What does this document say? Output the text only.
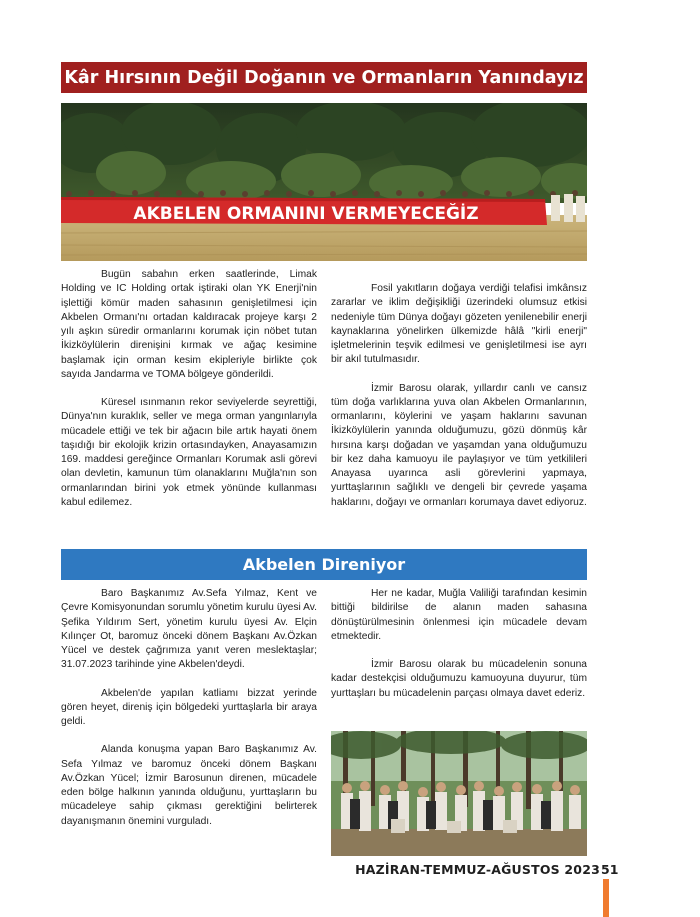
Kâr Hırsının Değil Doğanın ve Ormanların Yanındayız
AKBELEN ORMANINI VERMEYECEĞİZ

Bugün sabahın erken saatlerinde, Limak Holding ve IC Holding ortak iştiraki olan YK Enerji'nin işlettiği kömür maden sahasının genişletilmesi için Akbelen Ormanı'nı ortadan kaldıracak projeye karşı 2 yılı aşkın süredir ormanlarını korumak için nöbet tutan İkizköylülerin direnişini kırmak ve ağaç kesimine başlamak için orman kesim ekipleriyle birlikte çok sayıda Jandarma ve TOMA bölgeye gönderildi.

Küresel ısınmanın rekor seviyelerde seyrettiği, Dünya'nın kuraklık, seller ve mega orman yangınlarıyla mücadele ettiği ve tek bir ağacın bile artık hayati önem taşıdığı bir ekolojik krizin ortasındayken, Anayasamızın 169. maddesi gereğince Ormanları Korumak asli görevi olan devletin, kamunun tüm olanaklarını Muğla'nın son ormanlarından birini yok etmek yönünde kullanması kabul edilemez.

Fosil yakıtların doğaya verdiği telafisi imkânsız zararlar ve iklim değişikliği üzerindeki olumsuz etkisi nedeniyle tüm Dünya doğayı gözeten yenilenebilir enerji kaynaklarına yönelirken ülkemizde hâlâ "kirli enerji" işletmelerinin teşvik edilmesi ve genişletilmesi ise ayrı bir akıl tutulmasıdır.

İzmir Barosu olarak, yıllardır canlı ve cansız tüm doğa varlıklarına yuva olan Akbelen Ormanlarının, ormanlarını, köylerini ve yaşam haklarını savunan İkizköylülerin yanında olduğumuzu, gözü dönmüş kâr hırsına karşı doğadan ve yaşamdan yana olduğumuzu bir kez daha kamuoyu ile paylaşıyor ve tüm yetkilileri Anayasa uyarınca asli görevlerini yapmaya, yurttaşlarının sağlıklı ve dengeli bir çevrede yaşama haklarını, doğayı ve ormanları korumaya davet ediyoruz.

Akbelen Direniyor

Baro Başkanımız Av.Sefa Yılmaz, Kent ve Çevre Komisyonundan sorumlu yönetim kurulu üyesi Av. Şefika Yıldırım Sert, yönetim kurulu üyesi Av. Elçin Kılınçer Ot, baromuz önceki dönem Başkanı Av.Özkan Yücel ve destek çağrımıza yanıt veren meslektaşlar; 31.07.2023 tarihinde yine Akbelen'deydi.

Akbelen'de yapılan katliamı bizzat yerinde gören heyet, direniş için bölgedeki yurttaşlarla bir araya geldi.

Alanda konuşma yapan Baro Başkanımız Av. Sefa Yılmaz ve baromuz önceki dönem Başkanı Av.Özkan Yücel; İzmir Barosunun direnen, mücadele eden bölge halkının yanında olduğunu, yurttaşların bu mücadeleye sahip çıkması gerektiğini belirterek dayanışmanın önemini vurguladı.

Her ne kadar, Muğla Valiliği tarafından kesimin bittiği bildirilse de alanın maden sahasına dönüştürülmesinin önlenmesi için mücadele devam etmektedir.

İzmir Barosu olarak bu mücadelenin sonuna kadar destekçisi olduğumuzu kamuoyuna duyurur, tüm yurttaşları bu mücadelenin parçası olmaya davet ederiz.

HAZİRAN-TEMMUZ-AĞUSTOS 2023 51
